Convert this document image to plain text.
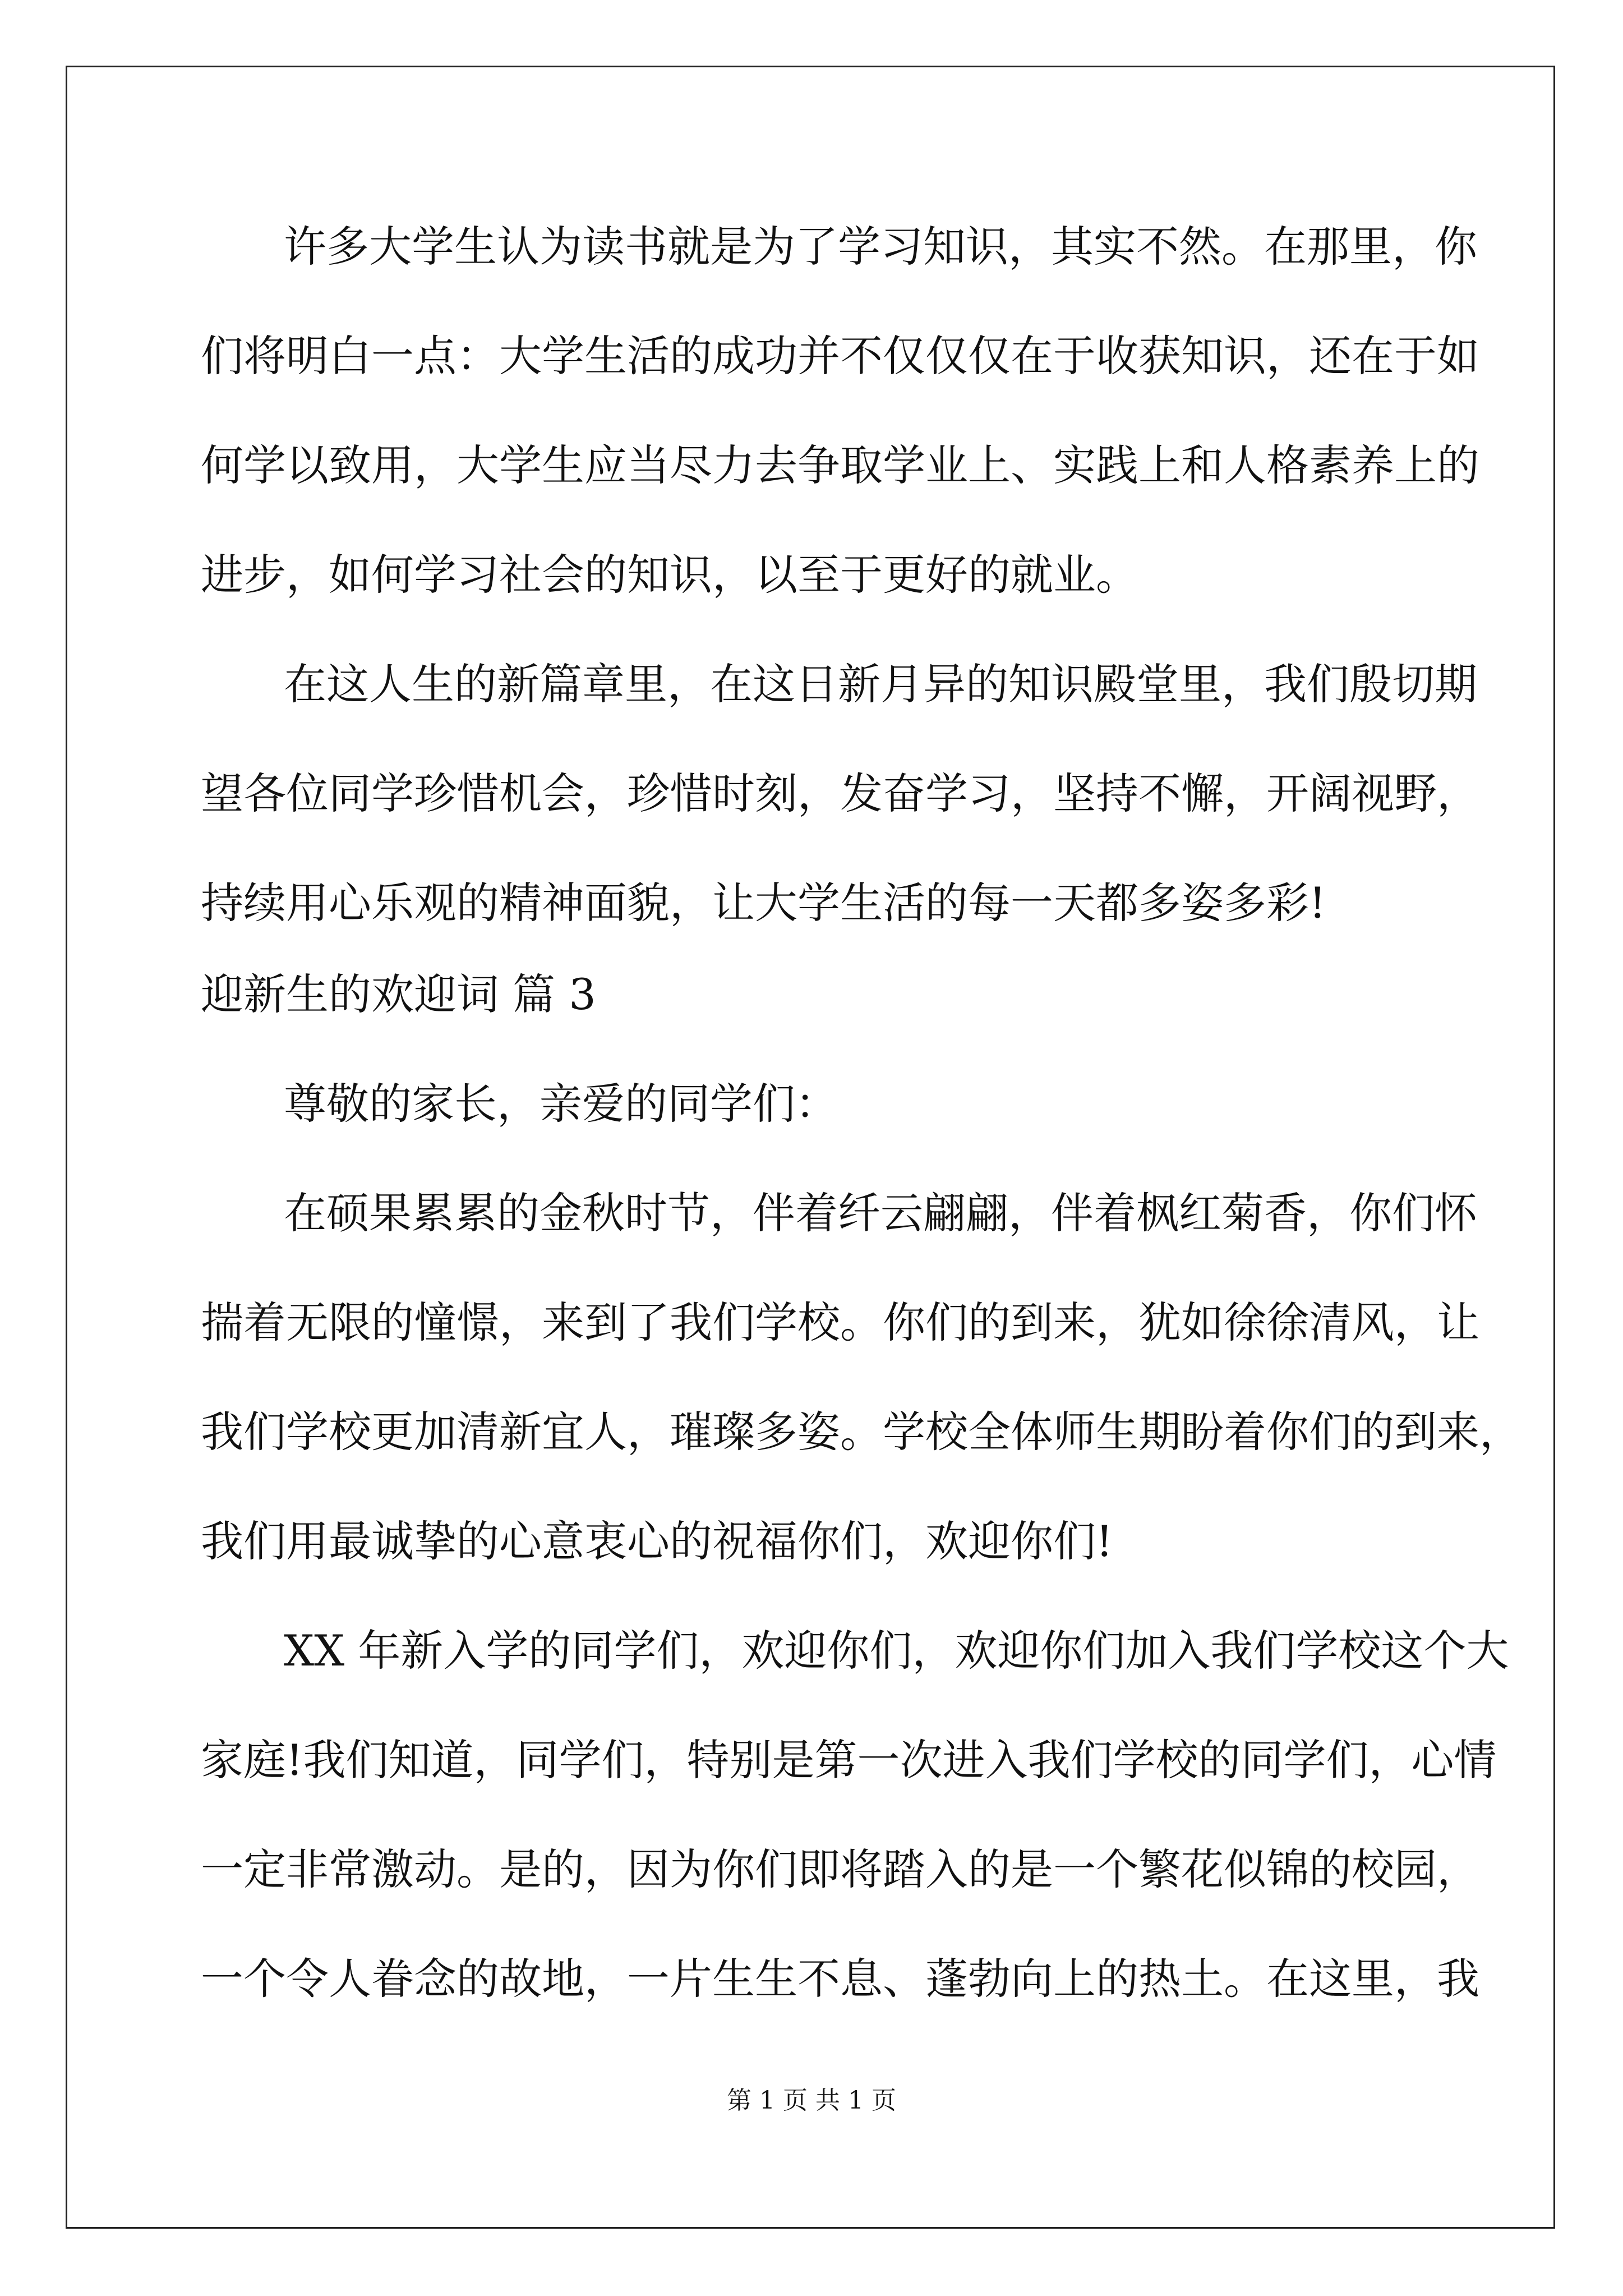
许多大学生认为读书就是为了学习知识，其实不然。在那里，你
们将明白一点：大学生活的成功并不仅仅仅在于收获知识，还在于如
何学以致用，大学生应当尽力去争取学业上、实践上和人格素养上的
进步，如何学习社会的知识，以至于更好的就业。
在这人生的新篇章里，在这日新月异的知识殿堂里，我们殷切期
望各位同学珍惜机会，珍惜时刻，发奋学习，坚持不懈，开阔视野，
持续用心乐观的精神面貌，让大学生活的每一天都多姿多彩!
迎新生的欢迎词 篇 3
尊敬的家长，亲爱的同学们：
在硕果累累的金秋时节，伴着纤云翩翩，伴着枫红菊香，你们怀
揣着无限的憧憬，来到了我们学校。你们的到来，犹如徐徐清风，让
我们学校更加清新宜人，璀璨多姿。学校全体师生期盼着你们的到来，
我们用最诚挚的心意衷心的祝福你们，欢迎你们!
XX 年新入学的同学们，欢迎你们，欢迎你们加入我们学校这个大
家庭!我们知道，同学们，特别是第一次进入我们学校的同学们，心情
一定非常激动。是的，因为你们即将踏入的是一个繁花似锦的校园，
一个令人眷念的故地，一片生生不息、蓬勃向上的热土。在这里，我
第 1 页 共 1 页
